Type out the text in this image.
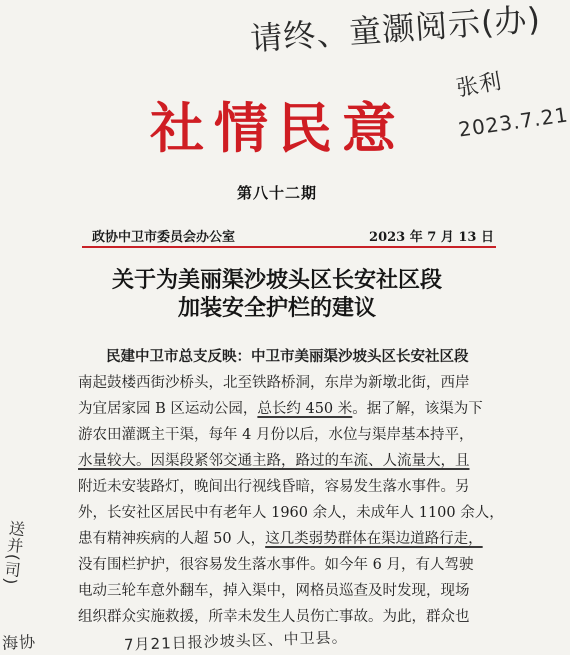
请终、童灏阅示(办)
张利
2023.7.21
社情民意
第八十二期
政协中卫市委员会办公室	2023 年 7 月 13 日
关于为美丽渠沙坡头区长安社区段
加装安全护栏的建议
民建中卫市总支反映：中卫市美丽渠沙坡头区长安社区段
南起鼓楼西街沙桥头，北至铁路桥洞，东岸为新墩北街，西岸
为宜居家园 B 区运动公园，总长约 450 米。据了解，该渠为下
游农田灌溉主干渠，每年 4 月份以后，水位与渠岸基本持平，
水量较大。因渠段紧邻交通主路，路过的车流、人流量大，且
附近未安装路灯，晚间出行视线昏暗，容易发生落水事件。另
外，长安社区居民中有老年人 1960 余人，未成年人 1100 余人，
患有精神疾病的人超 50 人，这几类弱势群体在渠边道路行走，
没有围栏护护，很容易发生落水事件。如今年 6 月，有人驾驶
电动三轮车意外翻车，掉入渠中，网格员巡查及时发现，现场
组织群众实施救援，所幸未发生人员伤亡事故。为此，群众也
送并(司)
7月21日报沙坡头区、中卫县。
海协
